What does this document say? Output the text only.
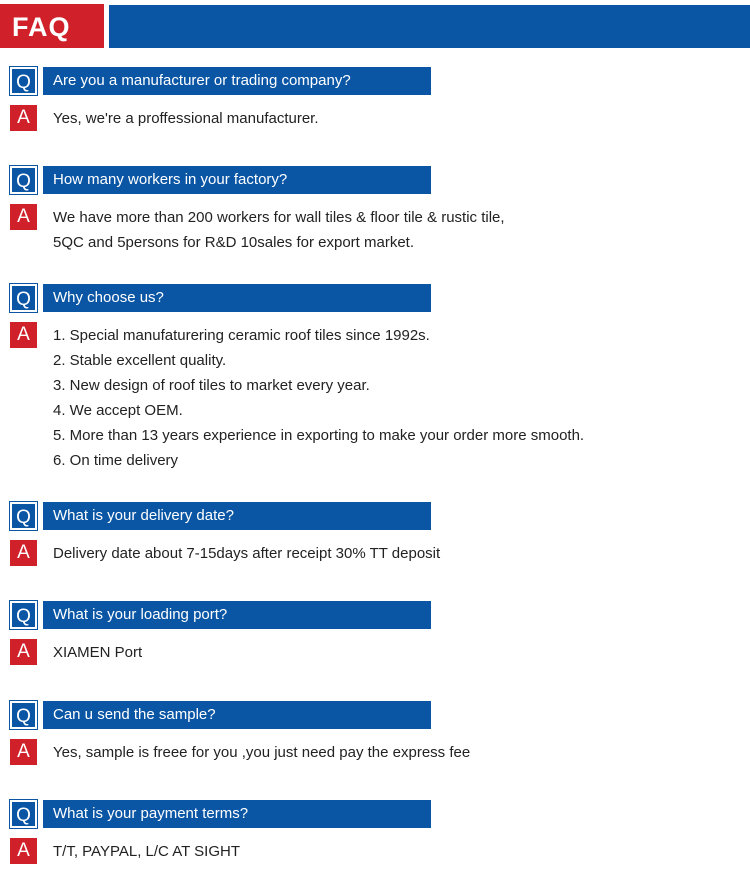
FAQ
Q	Are you a manufacturer or trading company?
A	Yes, we're a proffessional manufacturer.
Q	How many workers in your factory?
A	We have more than 200 workers for wall tiles & floor tile & rustic tile,
5QC and 5persons for R&D 10sales for export market.
Q	Why choose us?
A	1. Special manufaturering ceramic roof tiles since 1992s.
2. Stable excellent quality.
3. New design of roof tiles to market every year.
4. We accept OEM.
5. More than 13 years experience in exporting to make your order more smooth.
6. On time delivery
Q	What is your delivery date?
A	Delivery date about 7-15days after receipt 30% TT deposit
Q	What is your loading port?
A	XIAMEN Port
Q	Can u send the sample?
A	Yes, sample is freee for you ,you just need pay the express fee
Q	What is your payment terms?
A	T/T, PAYPAL, L/C AT SIGHT
